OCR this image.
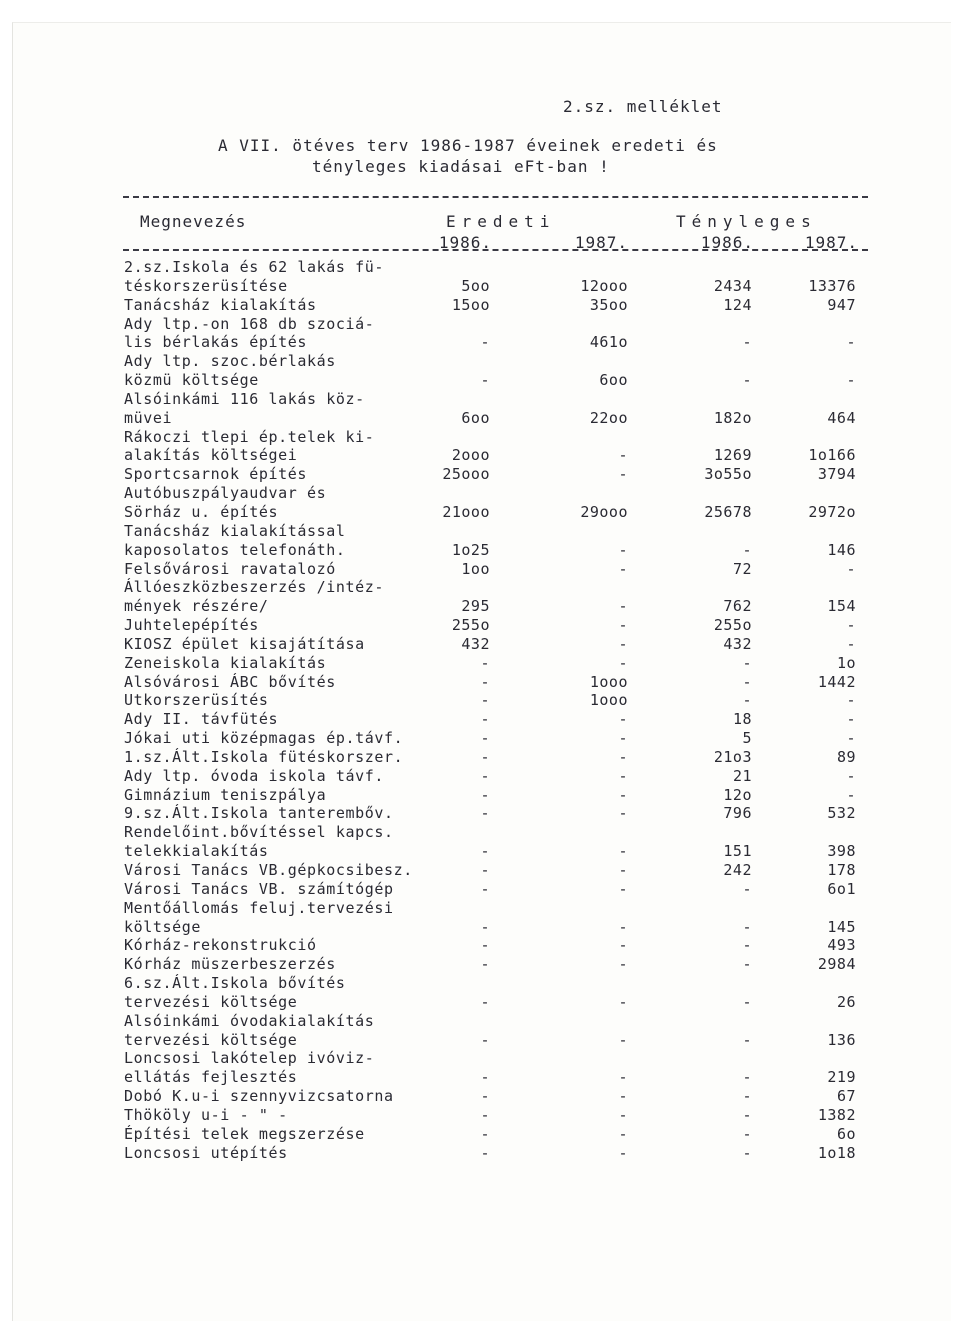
2.sz. melléklet
A VII. ötéves terv 1986-1987 éveinek eredeti és
tényleges kiadásai eFt-ban !
Megnevezés	Eredeti	Tényleges
1986.	1987.	1986.	1987.
2.sz.Iskola és 62 lakás fü-
téskorszerüsítése	5oo	12ooo	2434	13376
Tanácsház kialakítás	15oo	35oo	124	947
Ady ltp.-on 168 db szociá-
lis bérlakás építés	-	461o	-	-
Ady ltp. szoc.bérlakás
közmü költsége	-	6oo	-	-
Alsóinkámi 116 lakás köz-
müvei	6oo	22oo	182o	464
Rákoczi tlepi ép.telek ki-
alakítás költségei	2ooo	-	1269	1o166
Sportcsarnok építés	25ooo	-	3o55o	3794
Autóbuszpályaudvar és
Sörház u. építés	21ooo	29ooo	25678	2972o
Tanácsház kialakítással
kaposolatos telefonáth.	1o25	-	-	146
Felsővárosi ravatalozó	1oo	-	72	-
Állóeszközbeszerzés /intéz-
mények részére/	295	-	762	154
Juhtelepépítés	255o	-	255o	-
KIOSZ épület kisajátítása	432	-	432	-
Zeneiskola kialakítás	-	-	-	1o
Alsóvárosi ÁBC bővítés	-	1ooo	-	1442
Utkorszerüsítés	-	1ooo	-	-
Ady II. távfütés	-	-	18	-
Jókai uti középmagas ép.távf.	-	-	5	-
1.sz.Ált.Iskola fütéskorszer.	-	-	21o3	89
Ady ltp. óvoda iskola távf.	-	-	21	-
Gimnázium teniszpálya	-	-	12o	-
9.sz.Ált.Iskola tanterembőv.	-	-	796	532
Rendelőint.bővítéssel kapcs.
telekkialakítás	-	-	151	398
Városi Tanács VB.gépkocsibesz.	-	-	242	178
Városi Tanács VB. számítógép	-	-	-	6o1
Mentőállomás feluj.tervezési
költsége	-	-	-	145
Kórház-rekonstrukció	-	-	-	493
Kórház müszerbeszerzés	-	-	-	2984
6.sz.Ált.Iskola bővítés
tervezési költsége	-	-	-	26
Alsóinkámi óvodakialakítás
tervezési költsége	-	-	-	136
Loncsosi lakótelep ivóviz-
ellátás fejlesztés	-	-	-	219
Dobó K.u-i szennyvizcsatorna	-	-	-	67
Thököly u-i - " -	-	-	-	1382
Építési telek megszerzése	-	-	-	6o
Loncsosi utépítés	-	-	-	1o18
